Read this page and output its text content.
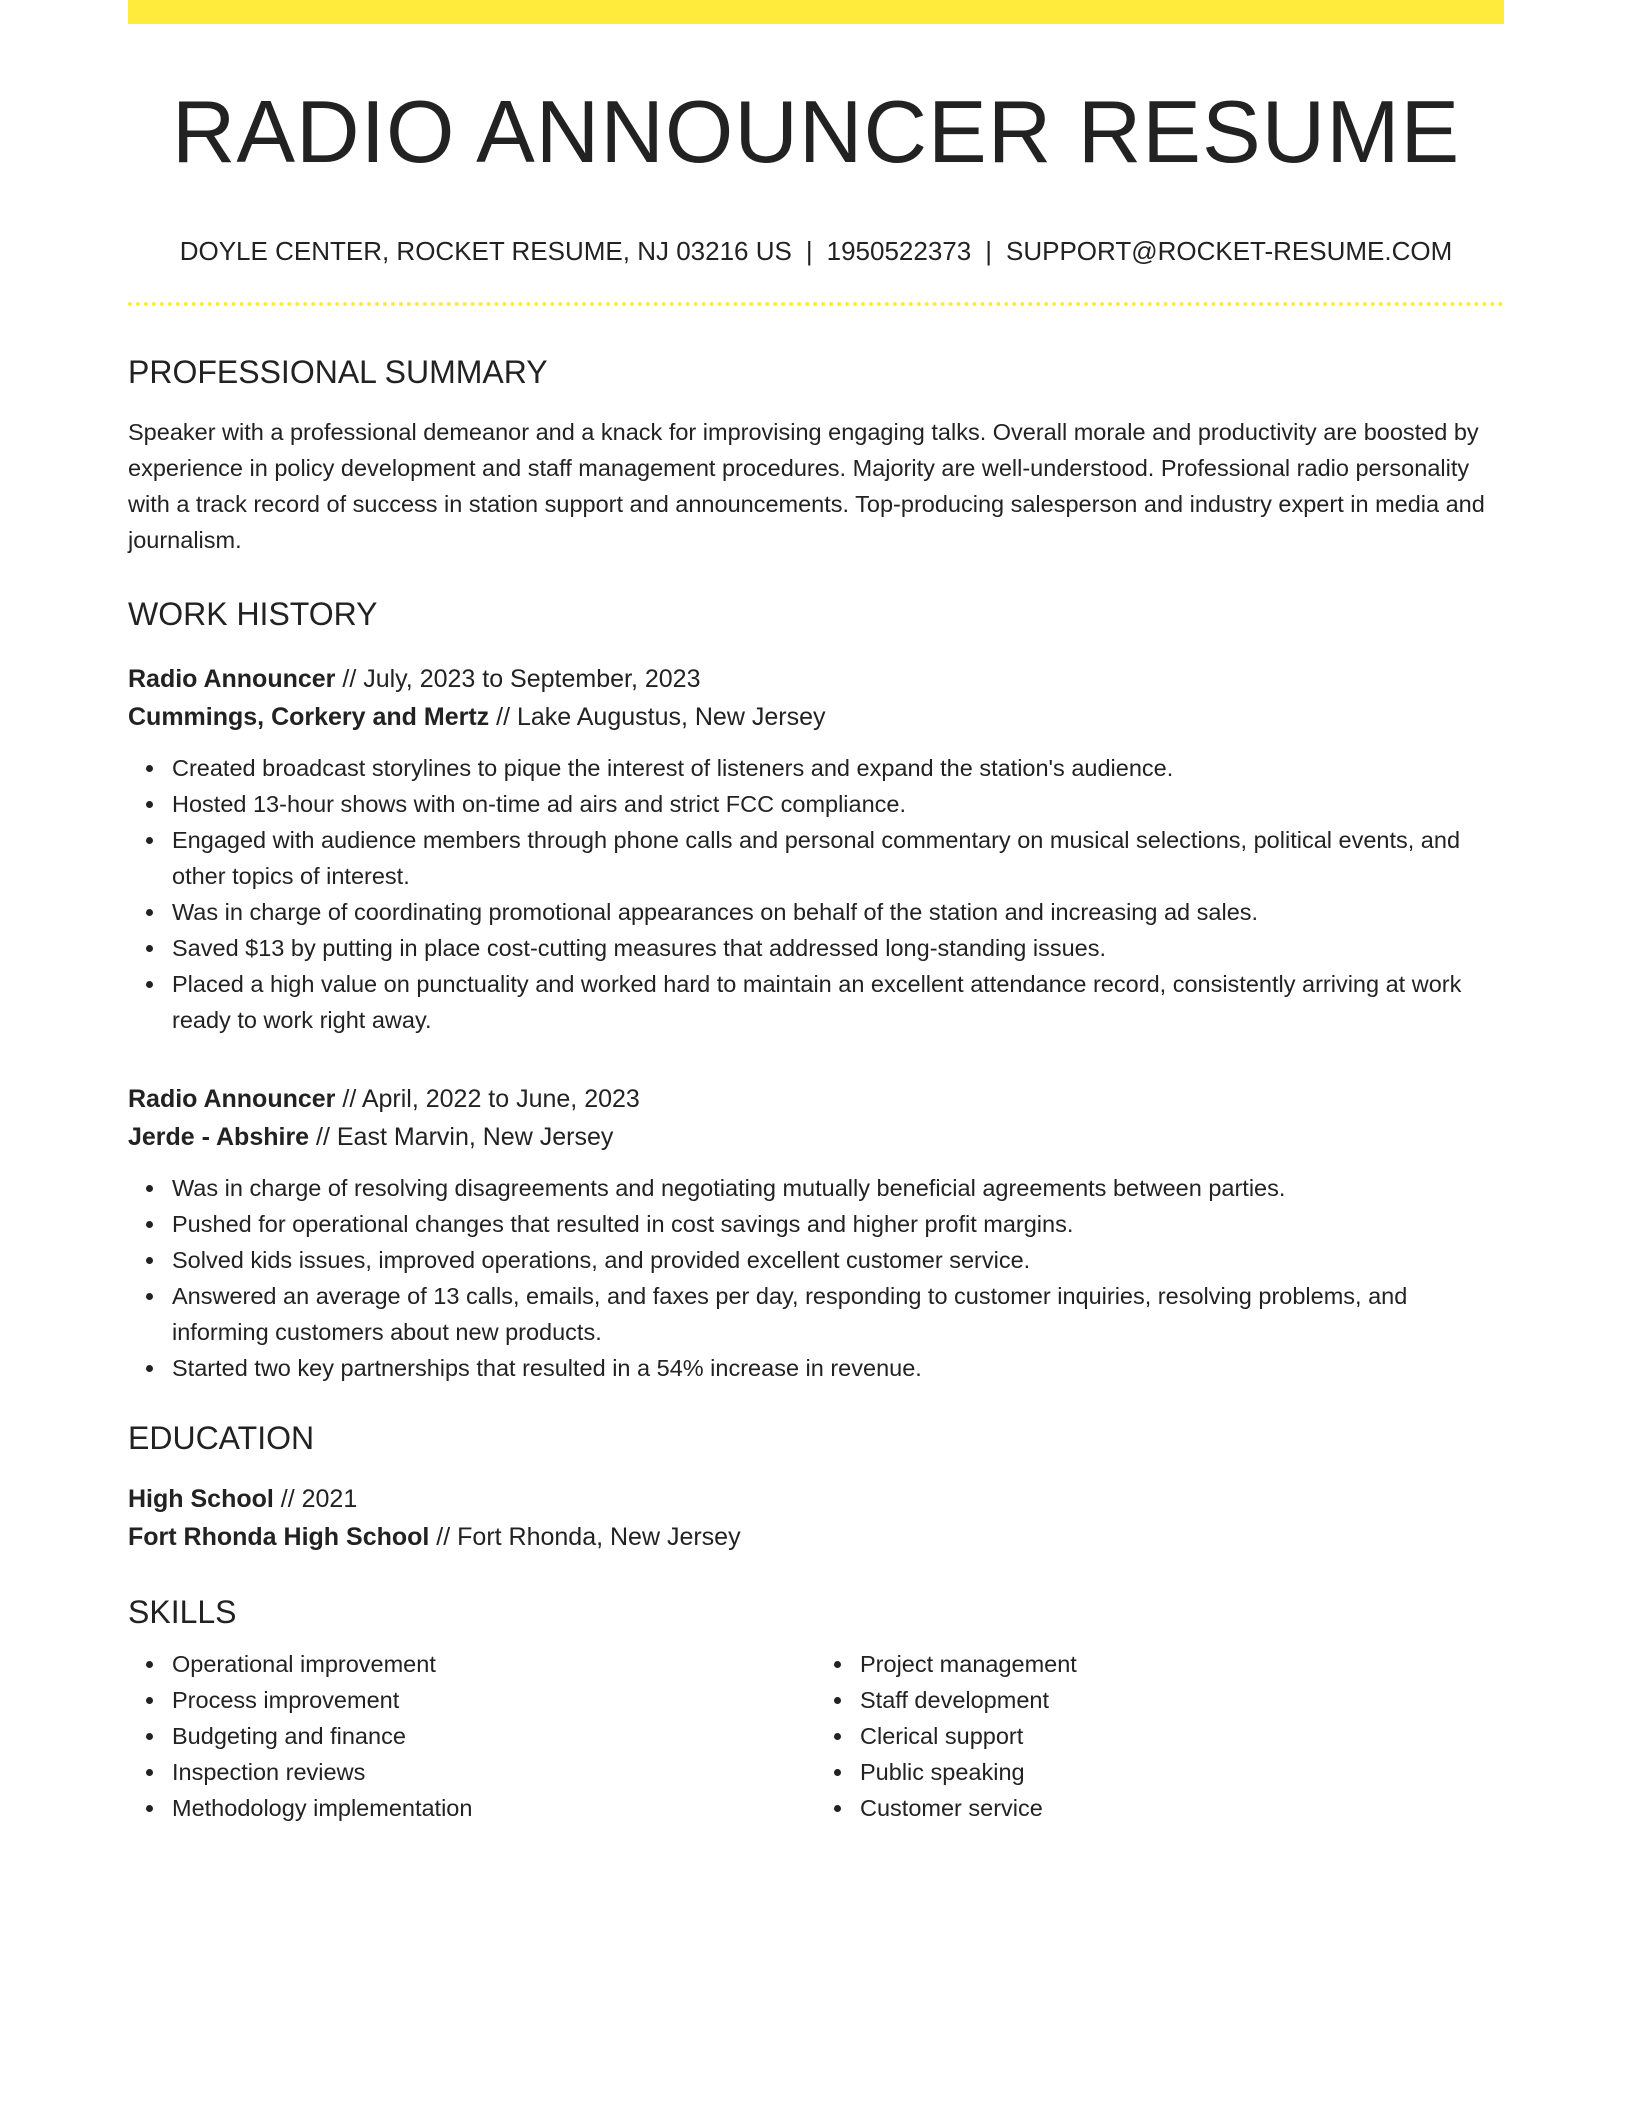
RADIO ANNOUNCER RESUME
DOYLE CENTER, ROCKET RESUME, NJ 03216 US | 1950522373 | SUPPORT@ROCKET-RESUME.COM
PROFESSIONAL SUMMARY

Speaker with a professional demeanor and a knack for improvising engaging talks. Overall morale and productivity are boosted by experience in policy development and staff management procedures. Majority are well-understood. Professional radio personality with a track record of success in station support and announcements. Top-producing salesperson and industry expert in media and journalism.

WORK HISTORY
Radio Announcer // July, 2023 to September, 2023
Cummings, Corkery and Mertz // Lake Augustus, New Jersey
Created broadcast storylines to pique the interest of listeners and expand the station's audience.
Hosted 13-hour shows with on-time ad airs and strict FCC compliance.
Engaged with audience members through phone calls and personal commentary on musical selections, political events, and other topics of interest.
Was in charge of coordinating promotional appearances on behalf of the station and increasing ad sales.
Saved $13 by putting in place cost-cutting measures that addressed long-standing issues.
Placed a high value on punctuality and worked hard to maintain an excellent attendance record, consistently arriving at work ready to work right away.
Radio Announcer // April, 2022 to June, 2023
Jerde - Abshire // East Marvin, New Jersey
Was in charge of resolving disagreements and negotiating mutually beneficial agreements between parties.
Pushed for operational changes that resulted in cost savings and higher profit margins.
Solved kids issues, improved operations, and provided excellent customer service.
Answered an average of 13 calls, emails, and faxes per day, responding to customer inquiries, resolving problems, and informing customers about new products.
Started two key partnerships that resulted in a 54% increase in revenue.
EDUCATION
High School // 2021
Fort Rhonda High School // Fort Rhonda, New Jersey
SKILLS
Operational improvement
Process improvement
Budgeting and finance
Inspection reviews
Methodology implementation
Project management
Staff development
Clerical support
Public speaking
Customer service
